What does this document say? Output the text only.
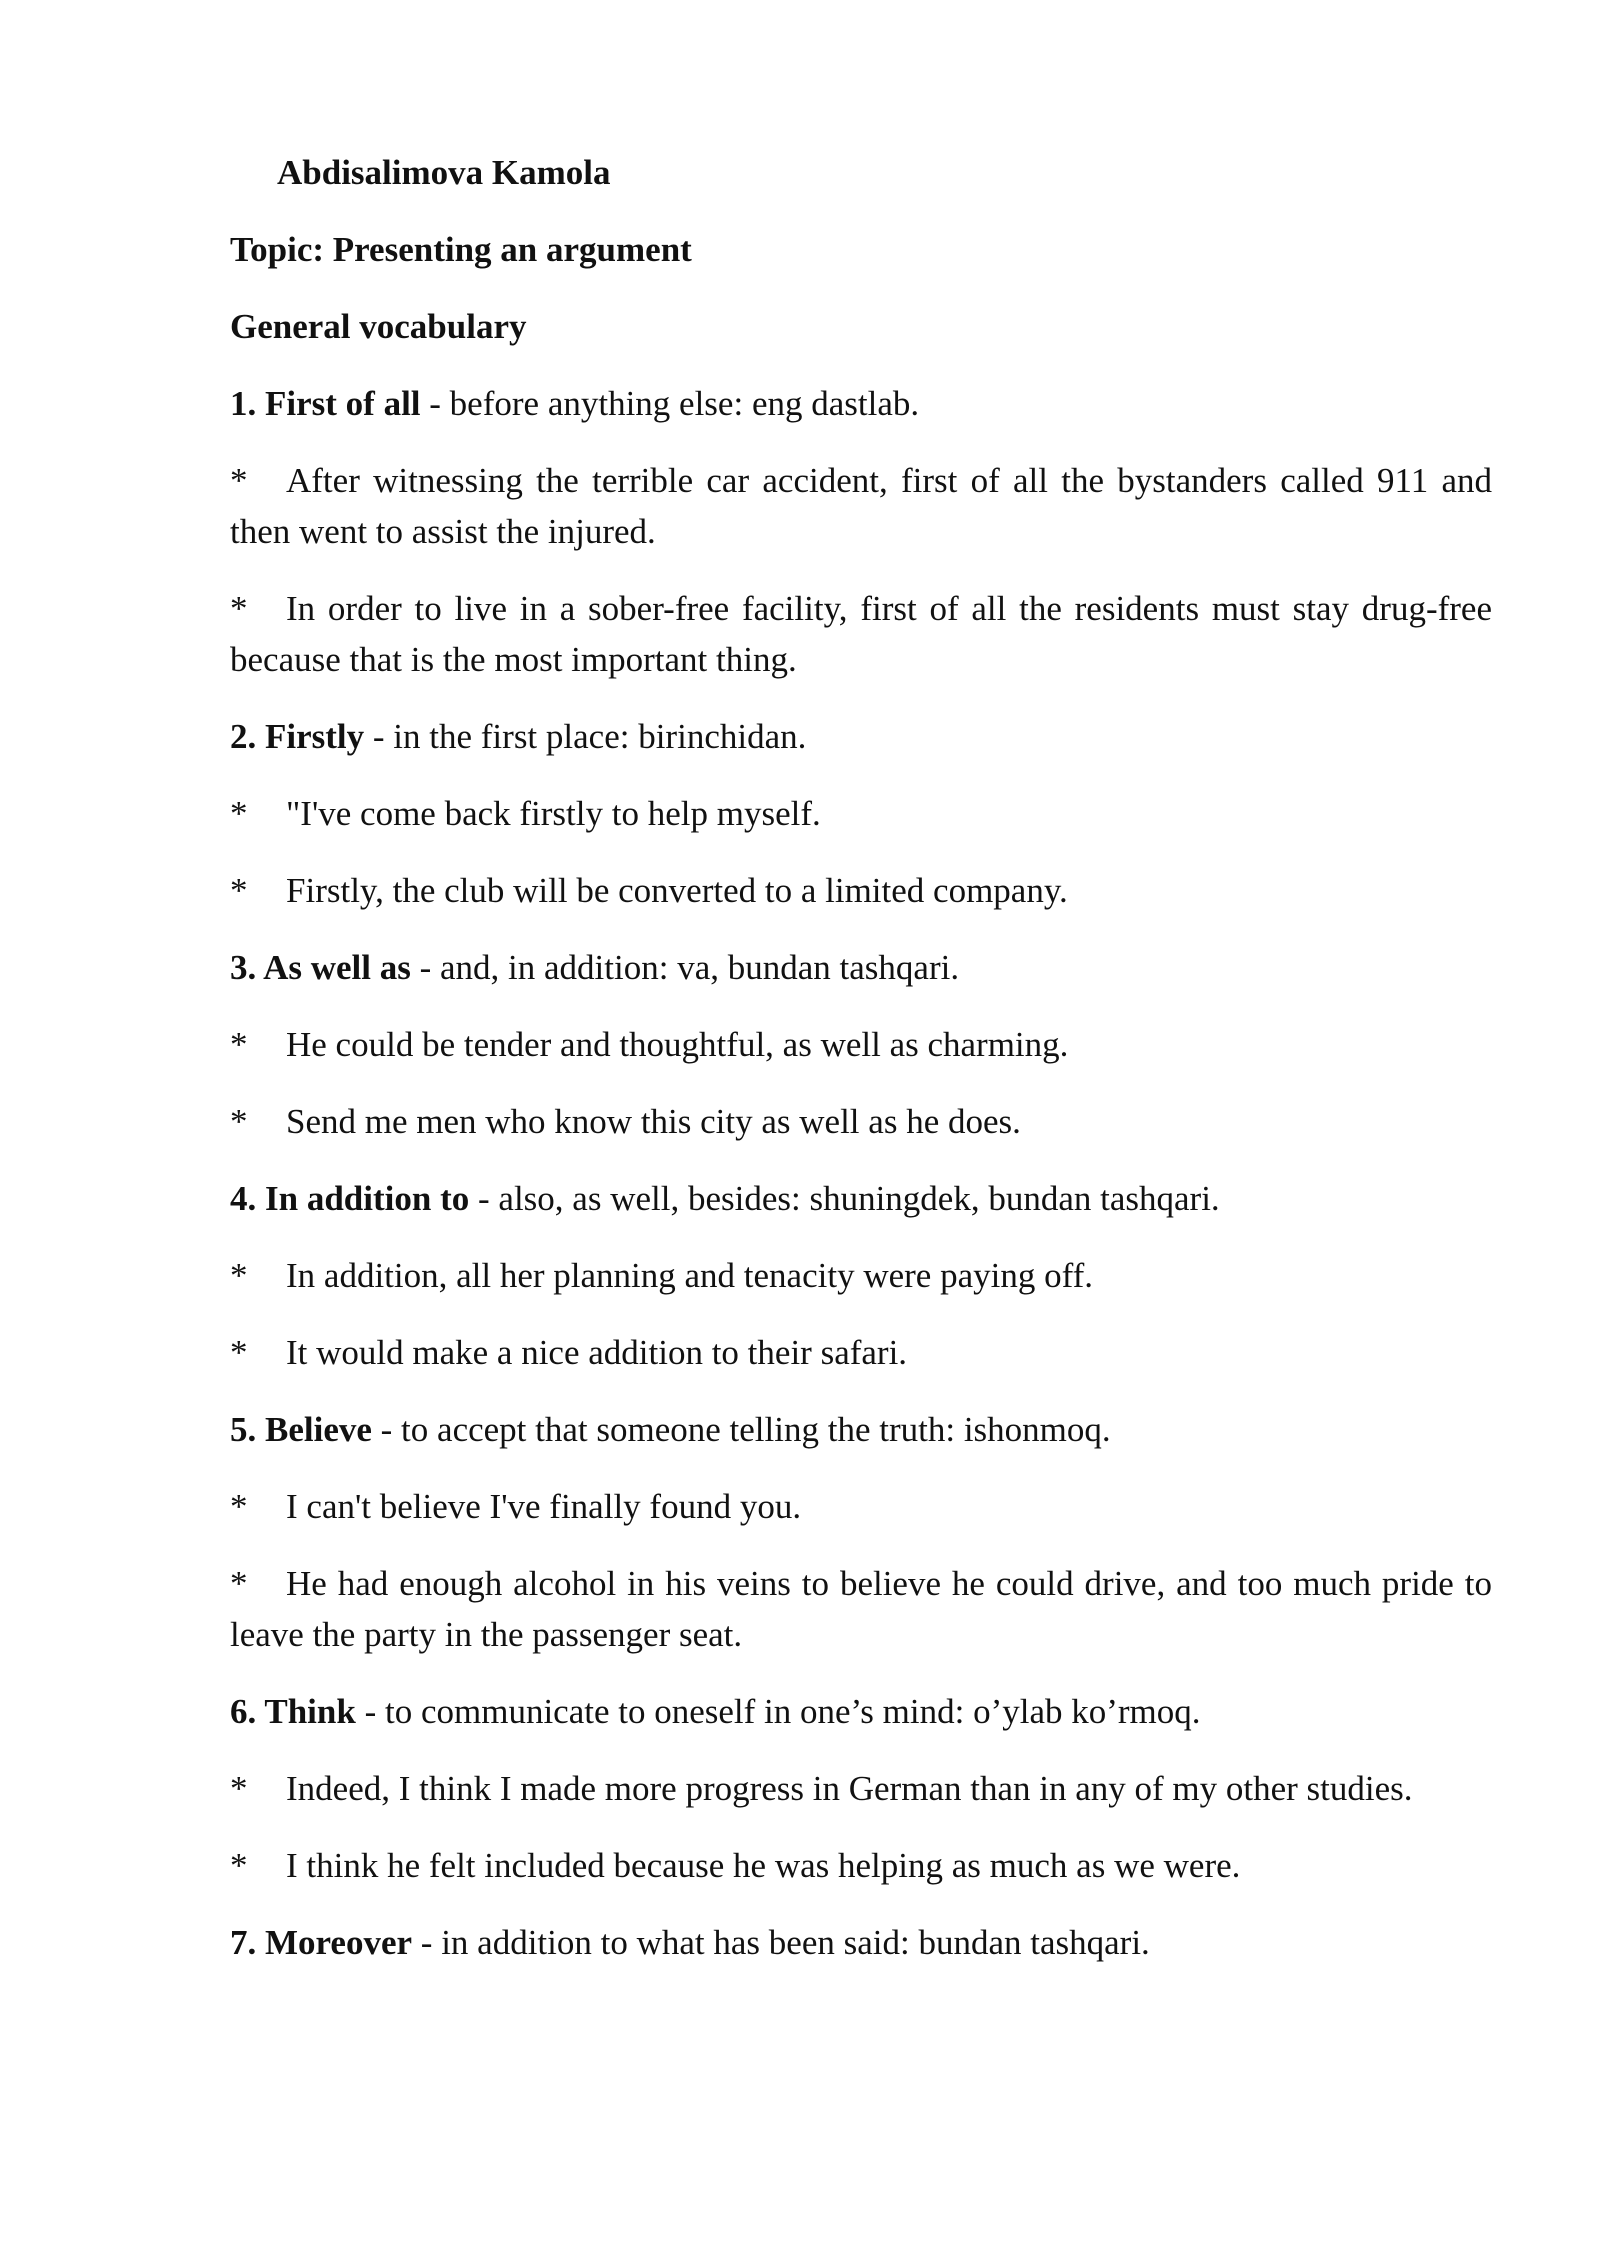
Abdisalimova Kamola

Topic: Presenting an argument

General vocabulary

1. First of all - before anything else: eng dastlab.

* After witnessing the terrible car accident, first of all the bystanders called 911 and then went to assist the injured.

* In order to live in a sober-free facility, first of all the residents must stay drug-free because that is the most important thing.

2. Firstly - in the first place: birinchidan.

* "I've come back firstly to help myself.

* Firstly, the club will be converted to a limited company.

3. As well as - and, in addition: va, bundan tashqari.

* He could be tender and thoughtful, as well as charming.

* Send me men who know this city as well as he does.

4. In addition to - also, as well, besides: shuningdek, bundan tashqari.

* In addition, all her planning and tenacity were paying off.

* It would make a nice addition to their safari.

5. Believe - to accept that someone telling the truth: ishonmoq.

* I can't believe I've finally found you.

* He had enough alcohol in his veins to believe he could drive, and too much pride to leave the party in the passenger seat.

6. Think - to communicate to oneself in one’s mind: o’ylab ko’rmoq.

* Indeed, I think I made more progress in German than in any of my other studies.

* I think he felt included because he was helping as much as we were.

7. Moreover - in addition to what has been said: bundan tashqari.
